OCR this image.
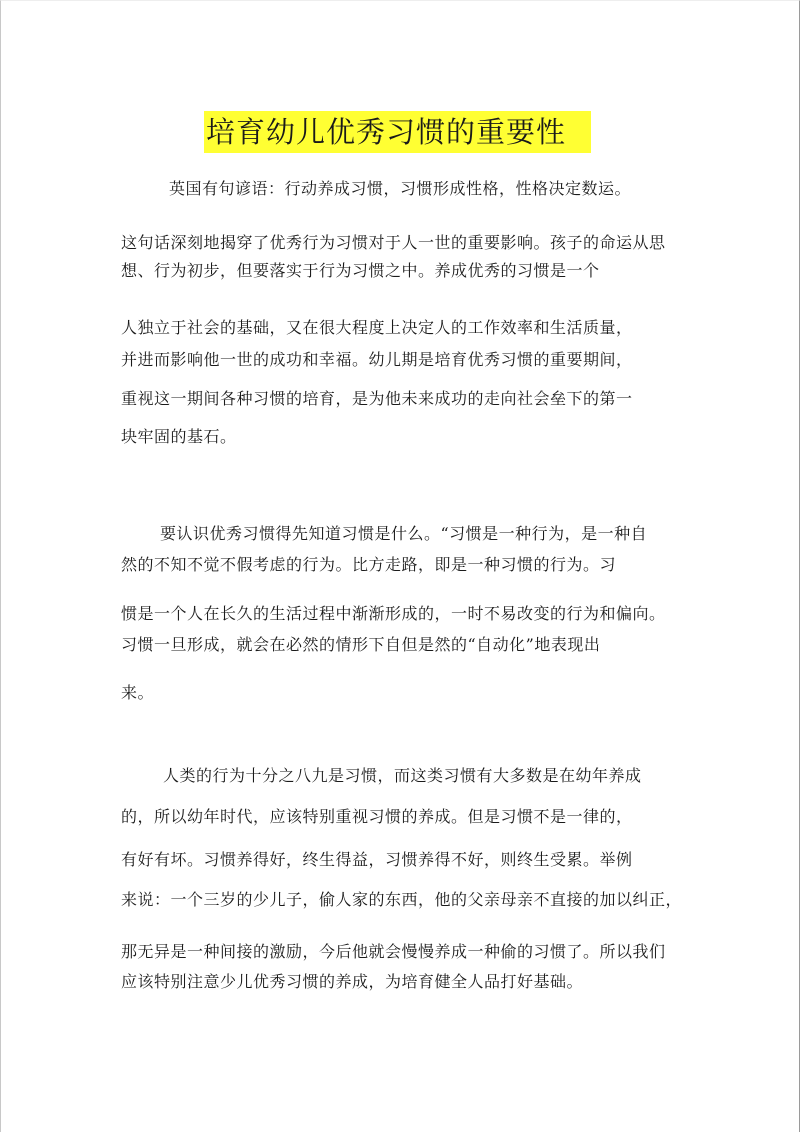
培育幼儿优秀习惯的重要性
英国有句谚语：行动养成习惯，习惯形成性格，性格决定数运。
这句话深刻地揭穿了优秀行为习惯对于人一世的重要影响。孩子的命运从思
想、行为初步，但要落实于行为习惯之中。养成优秀的习惯是一个
人独立于社会的基础，又在很大程度上决定人的工作效率和生活质量，
并进而影响他一世的成功和幸福。幼儿期是培育优秀习惯的重要期间，
重视这一期间各种习惯的培育，是为他未来成功的走向社会垒下的第一
块牢固的基石。
要认识优秀习惯得先知道习惯是什么。“习惯是一种行为，是一种自
然的不知不觉不假考虑的行为。比方走路，即是一种习惯的行为。习
惯是一个人在长久的生活过程中渐渐形成的，一时不易改变的行为和偏向。
习惯一旦形成，就会在必然的情形下自但是然的“自动化”地表现出
来。
人类的行为十分之八九是习惯，而这类习惯有大多数是在幼年养成
的，所以幼年时代，应该特别重视习惯的养成。但是习惯不是一律的，
有好有坏。习惯养得好，终生得益，习惯养得不好，则终生受累。举例
来说：一个三岁的少儿子，偷人家的东西，他的父亲母亲不直接的加以纠正，
那无异是一种间接的激励，今后他就会慢慢养成一种偷的习惯了。所以我们
应该特别注意少儿优秀习惯的养成，为培育健全人品打好基础。
